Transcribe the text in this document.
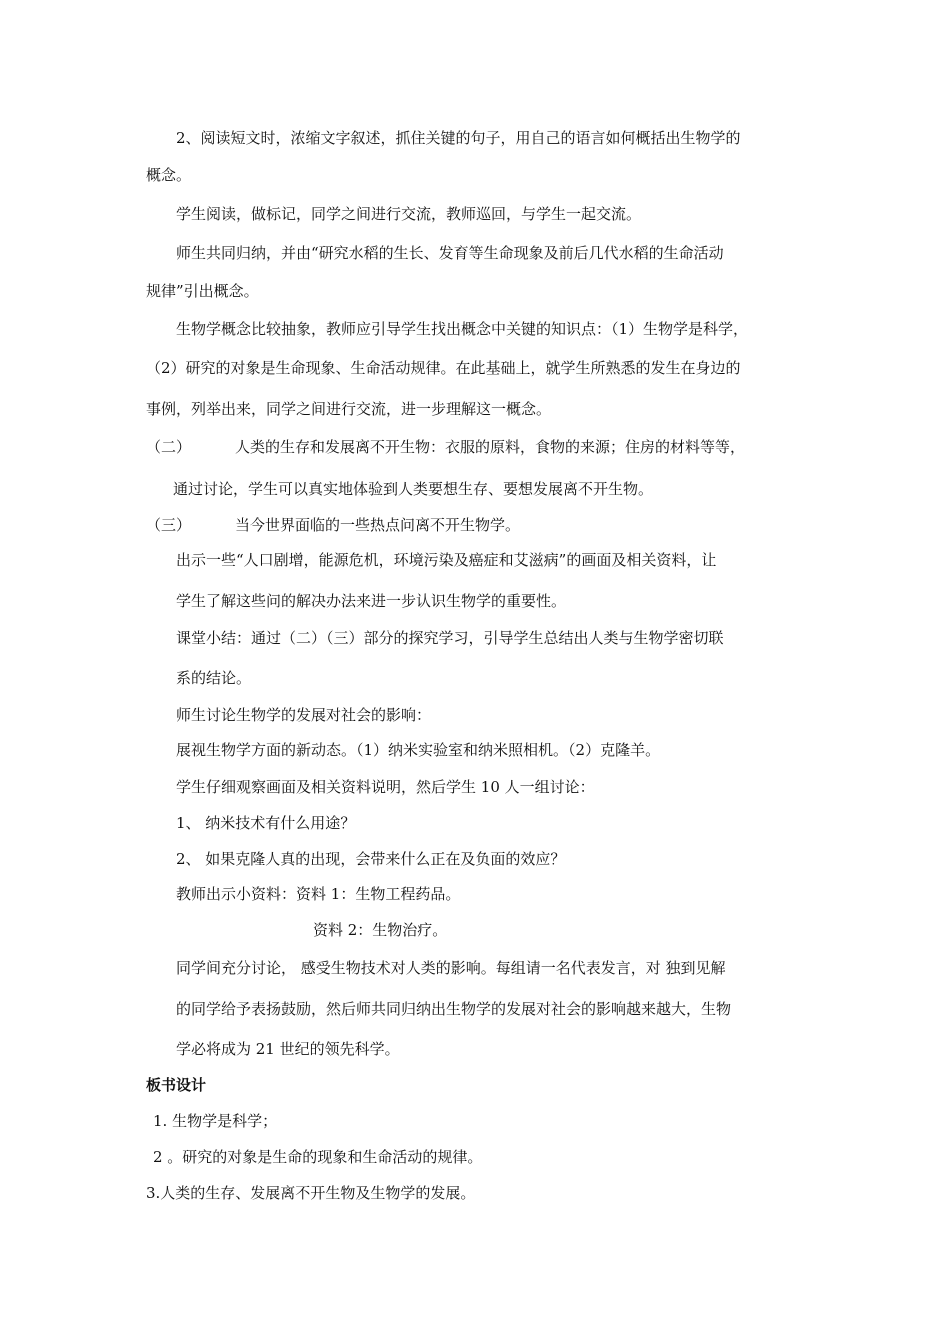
2、阅读短文时，浓缩文字叙述，抓住关键的句子，用自己的语言如何概括出生物学的
概念。
学生阅读，做标记，同学之间进行交流，教师巡回，与学生一起交流。
师生共同归纳，并由“研究水稻的生长、发育等生命现象及前后几代水稻的生命活动
规律”引出概念。
生物学概念比较抽象，教师应引导学生找出概念中关键的知识点：（1）生物学是科学，
（2）研究的对象是生命现象、生命活动规律。在此基础上，就学生所熟悉的发生在身边的
事例，列举出来，同学之间进行交流，进一步理解这一概念。
（二）	人类的生存和发展离不开生物：衣服的原料，食物的来源；住房的材料等等，
通过讨论，学生可以真实地体验到人类要想生存、要想发展离不开生物。
（三）	当今世界面临的一些热点问离不开生物学。
出示一些“人口剧增，能源危机，环境污染及癌症和艾滋病”的画面及相关资料，让
学生了解这些问的解决办法来进一步认识生物学的重要性。
课堂小结：通过（二）（三）部分的探究学习，引导学生总结出人类与生物学密切联
系的结论。
师生讨论生物学的发展对社会的影响：
展视生物学方面的新动态。（1）纳米实验室和纳米照相机。（2）克隆羊。
学生仔细观察画面及相关资料说明，然后学生 10 人一组讨论：
1、 纳米技术有什么用途？
2、 如果克隆人真的出现，会带来什么正在及负面的效应？
教师出示小资料：资料 1：生物工程药品。
资料 2：生物治疗。
同学间充分讨论， 感受生物技术对人类的影响。每组请一名代表发言，对 独到见解
的同学给予表扬鼓励，然后师共同归纳出生物学的发展对社会的影响越来越大，生物
学必将成为 21 世纪的领先科学。
板书设计
1. 生物学是科学；
2 。研究的对象是生命的现象和生命活动的规律。
3.人类的生存、发展离不开生物及生物学的发展。
